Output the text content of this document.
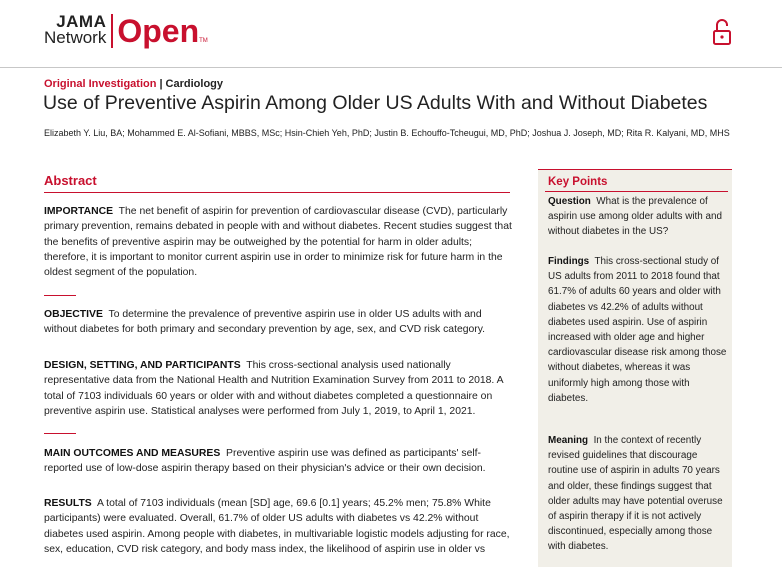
JAMA
Network Open TM
Original Investigation | Cardiology
Use of Preventive Aspirin Among Older US Adults With and Without Diabetes
Elizabeth Y. Liu, BA; Mohammed E. Al-Sofiani, MBBS, MSc; Hsin-Chieh Yeh, PhD; Justin B. Echouffo-Tcheugui, MD, PhD; Joshua J. Joseph, MD; Rita R. Kalyani, MD, MHS
Abstract

IMPORTANCE The net benefit of aspirin for prevention of cardiovascular disease (CVD), particularly primary prevention, remains debated in people with and without diabetes. Recent studies suggest that the benefits of preventive aspirin may be outweighed by the potential for harm in older adults; therefore, it is important to monitor current aspirin use in order to minimize risk for future harm in the oldest segment of the population.

OBJECTIVE To determine the prevalence of preventive aspirin use in older US adults with and without diabetes for both primary and secondary prevention by age, sex, and CVD risk category.

DESIGN, SETTING, AND PARTICIPANTS This cross-sectional analysis used nationally representative data from the National Health and Nutrition Examination Survey from 2011 to 2018. A total of 7103 individuals 60 years or older with and without diabetes completed a questionnaire on preventive aspirin use. Statistical analyses were performed from July 1, 2019, to April 1, 2021.

MAIN OUTCOMES AND MEASURES Preventive aspirin use was defined as participants' self-reported use of low-dose aspirin therapy based on their physician's advice or their own decision.

RESULTS A total of 7103 individuals (mean [SD] age, 69.6 [0.1] years; 45.2% men; 75.8% White participants) were evaluated. Overall, 61.7% of older US adults with diabetes vs 42.2% without diabetes used aspirin. Among people with diabetes, in multivariable logistic models adjusting for race, sex, education, CVD risk category, and body mass index, the likelihood of aspirin use in older vs

Key Points

Question What is the prevalence of aspirin use among older adults with and without diabetes in the US?

Findings This cross-sectional study of US adults from 2011 to 2018 found that 61.7% of adults 60 years and older with diabetes vs 42.2% of adults without diabetes used aspirin. Use of aspirin increased with older age and higher cardiovascular disease risk among those without diabetes, whereas it was uniformly high among those with diabetes.

Meaning In the context of recently revised guidelines that discourage routine use of aspirin in adults 70 years and older, these findings suggest that older adults may have potential overuse of aspirin therapy if it is not actively discontinued, especially among those with diabetes.
